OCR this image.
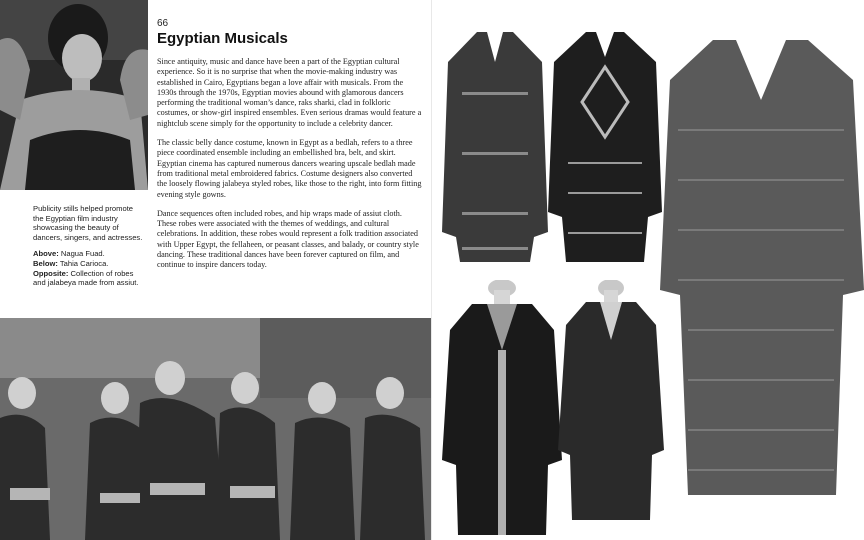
66
Egyptian Musicals

Since antiquity, music and dance have been a part of the Egyptian cultural experience. So it is no surprise that when the movie-making industry was established in Cairo, Egyptians began a love affair with musicals. From the 1930s through the 1970s, Egyptian movies abound with glamorous dancers performing the traditional woman’s dance, raks sharki, clad in folkloric costumes, or show-girl inspired ensembles. Even serious dramas would feature a nightclub scene simply for the opportunity to include a celebrity dancer.

The classic belly dance costume, known in Egypt as a bedlah, refers to a three piece coordinated ensemble including an embellished bra, belt, and skirt. Egyptian cinema has captured numerous dancers wearing upscale bedlah made from traditional metal embroidered fabrics. Costume designers also converted the loosely flowing jalabeya styled robes, like those to the right, into form fitting evening style gowns.

Dance sequences often included robes, and hip wraps made of assiut cloth. These robes were associated with the themes of weddings, and cultural celebrations. In addition, these robes would represent a folk tradition associated with Upper Egypt, the fellaheen, or peasant classes, and balady, or country style dancing. These traditional dances have been forever captured on film, and continue to inspire dancers today.

Publicity stills helped promote the Egyptian film industry showcasing the beauty of dancers, singers, and actresses.

Above: Nagua Fuad.
Below: Tahia Carioca.
Opposite: Collection of robes and jalabeya made from assiut.
